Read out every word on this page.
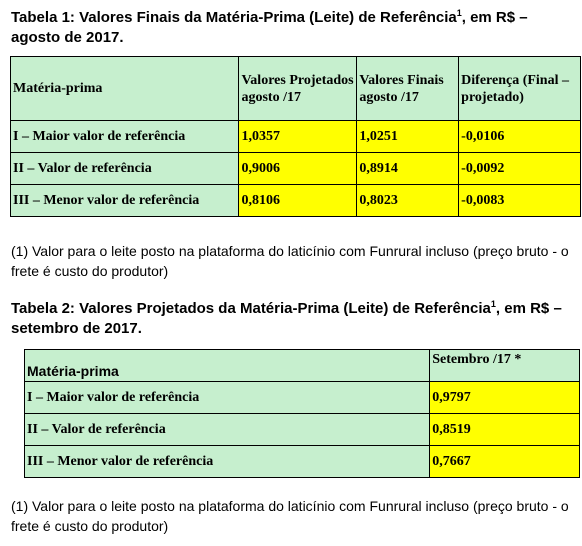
Tabela 1: Valores Finais da Matéria-Prima (Leite) de Referência$^1$, em R$ – agosto de 2017.

Matéria-prima	Valores Projetados agosto /17	Valores Finais agosto /17	Diferença (Final – projetado)
I – Maior valor de referência	1,0357	1,0251	-0,0106
II – Valor de referência	0,9006	0,8914	-0,0092
III – Menor valor de referência	0,8106	0,8023	-0,0083

(1) Valor para o leite posto na plataforma do laticínio com Funrural incluso (preço bruto - o frete é custo do produtor)

Tabela 2: Valores Projetados da Matéria-Prima (Leite) de Referência$^1$, em R$ – setembro de 2017.

Matéria-prima	Setembro /17 *
I – Maior valor de referência	0,9797
II – Valor de referência	0,8519
III – Menor valor de referência	0,7667

(1) Valor para o leite posto na plataforma do laticínio com Funrural incluso (preço bruto - o frete é custo do produtor)
